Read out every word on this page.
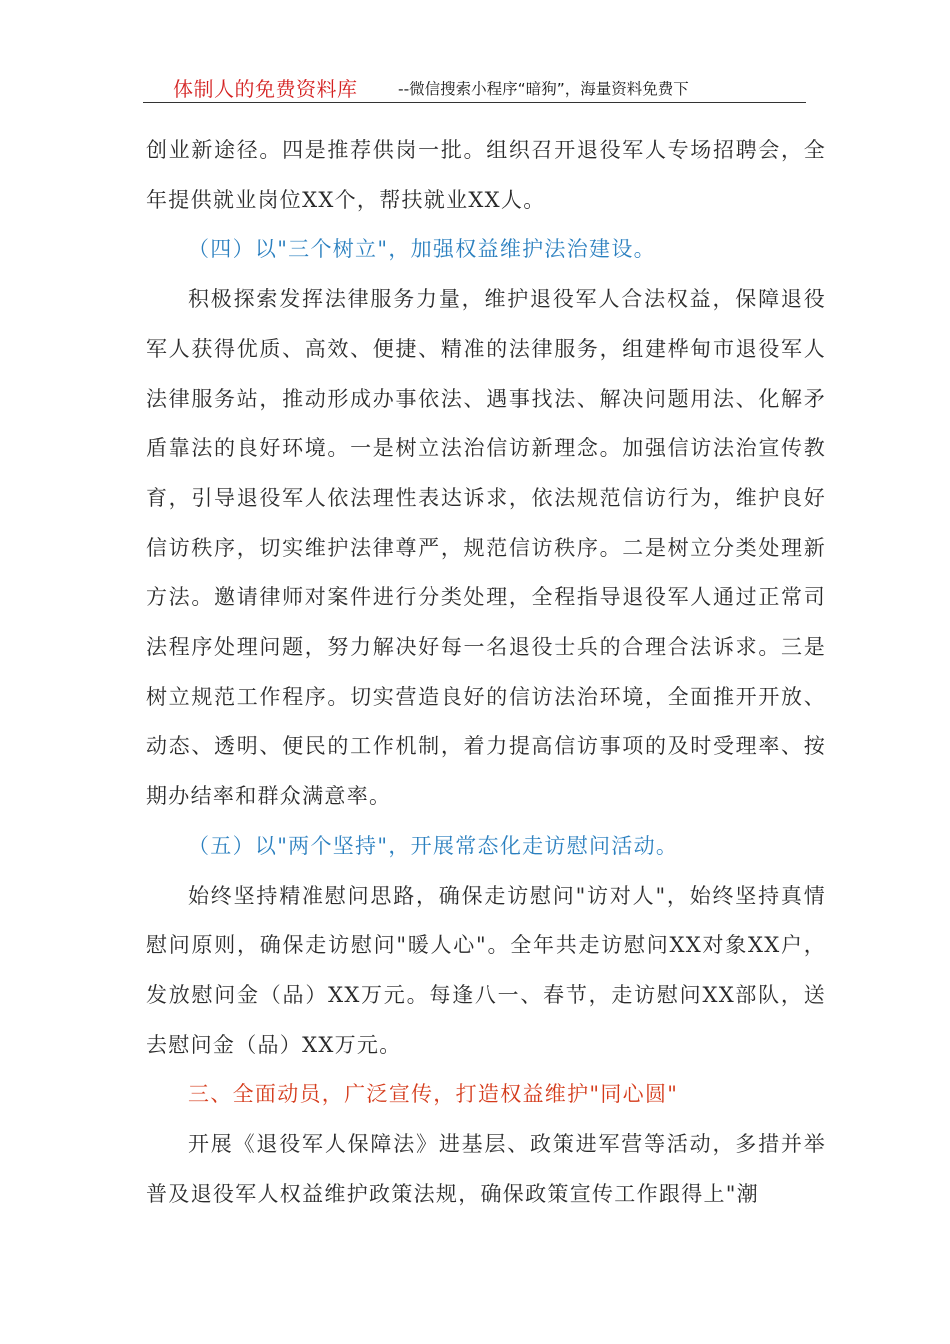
体制人的免费资料库	--微信搜索小程序“暗狗”，海量资料免费下

创业新途径。四是推荐供岗一批。组织召开退役军人专场招聘会，全年提供就业岗位XX个，帮扶就业XX人。

（四）以"三个树立"，加强权益维护法治建设。

积极探索发挥法律服务力量，维护退役军人合法权益，保障退役军人获得优质、高效、便捷、精准的法律服务，组建桦甸市退役军人法律服务站，推动形成办事依法、遇事找法、解决问题用法、化解矛盾靠法的良好环境。一是树立法治信访新理念。加强信访法治宣传教育，引导退役军人依法理性表达诉求，依法规范信访行为，维护良好信访秩序，切实维护法律尊严，规范信访秩序。二是树立分类处理新方法。邀请律师对案件进行分类处理，全程指导退役军人通过正常司法程序处理问题，努力解决好每一名退役士兵的合理合法诉求。三是树立规范工作程序。切实营造良好的信访法治环境，全面推开开放、动态、透明、便民的工作机制，着力提高信访事项的及时受理率、按期办结率和群众满意率。

（五）以"两个坚持"，开展常态化走访慰问活动。

始终坚持精准慰问思路，确保走访慰问"访对人"，始终坚持真情慰问原则，确保走访慰问"暖人心"。全年共走访慰问XX对象XX户，发放慰问金（品）XX万元。每逢八一、春节，走访慰问XX部队，送去慰问金（品）XX万元。

三、全面动员，广泛宣传，打造权益维护"同心圆"

开展《退役军人保障法》进基层、政策进军营等活动，多措并举普及退役军人权益维护政策法规，确保政策宣传工作跟得上"潮
